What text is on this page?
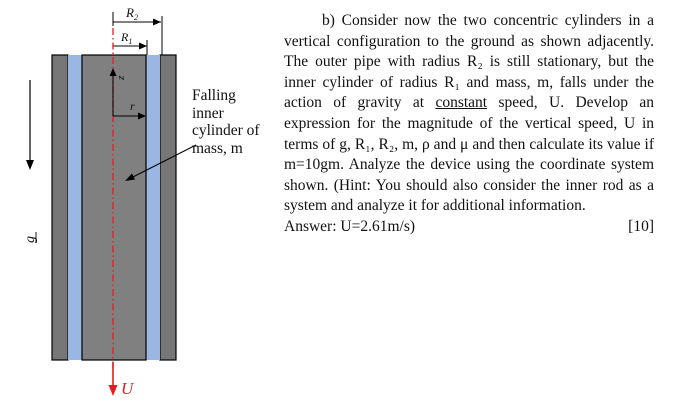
$R_2$
$R_1$
z
r
g
U
Falling
inner
cylinder of
mass, m
b) Consider now the two concentric cylinders in a vertical configuration to the ground as shown adjacently. The outer pipe with radius R₂ is still stationary, but the inner cylinder of radius R₁ and mass, m, falls under the action of gravity at constant speed, U. Develop an expression for the magnitude of the vertical speed, U in terms of g, R₁, R₂, m, ρ and μ and then calculate its value if m=10gm. Analyze the device using the coordinate system shown. (Hint: You should also consider the inner rod as a system and analyze it for additional information.
Answer: U=2.61m/s)	[10]
